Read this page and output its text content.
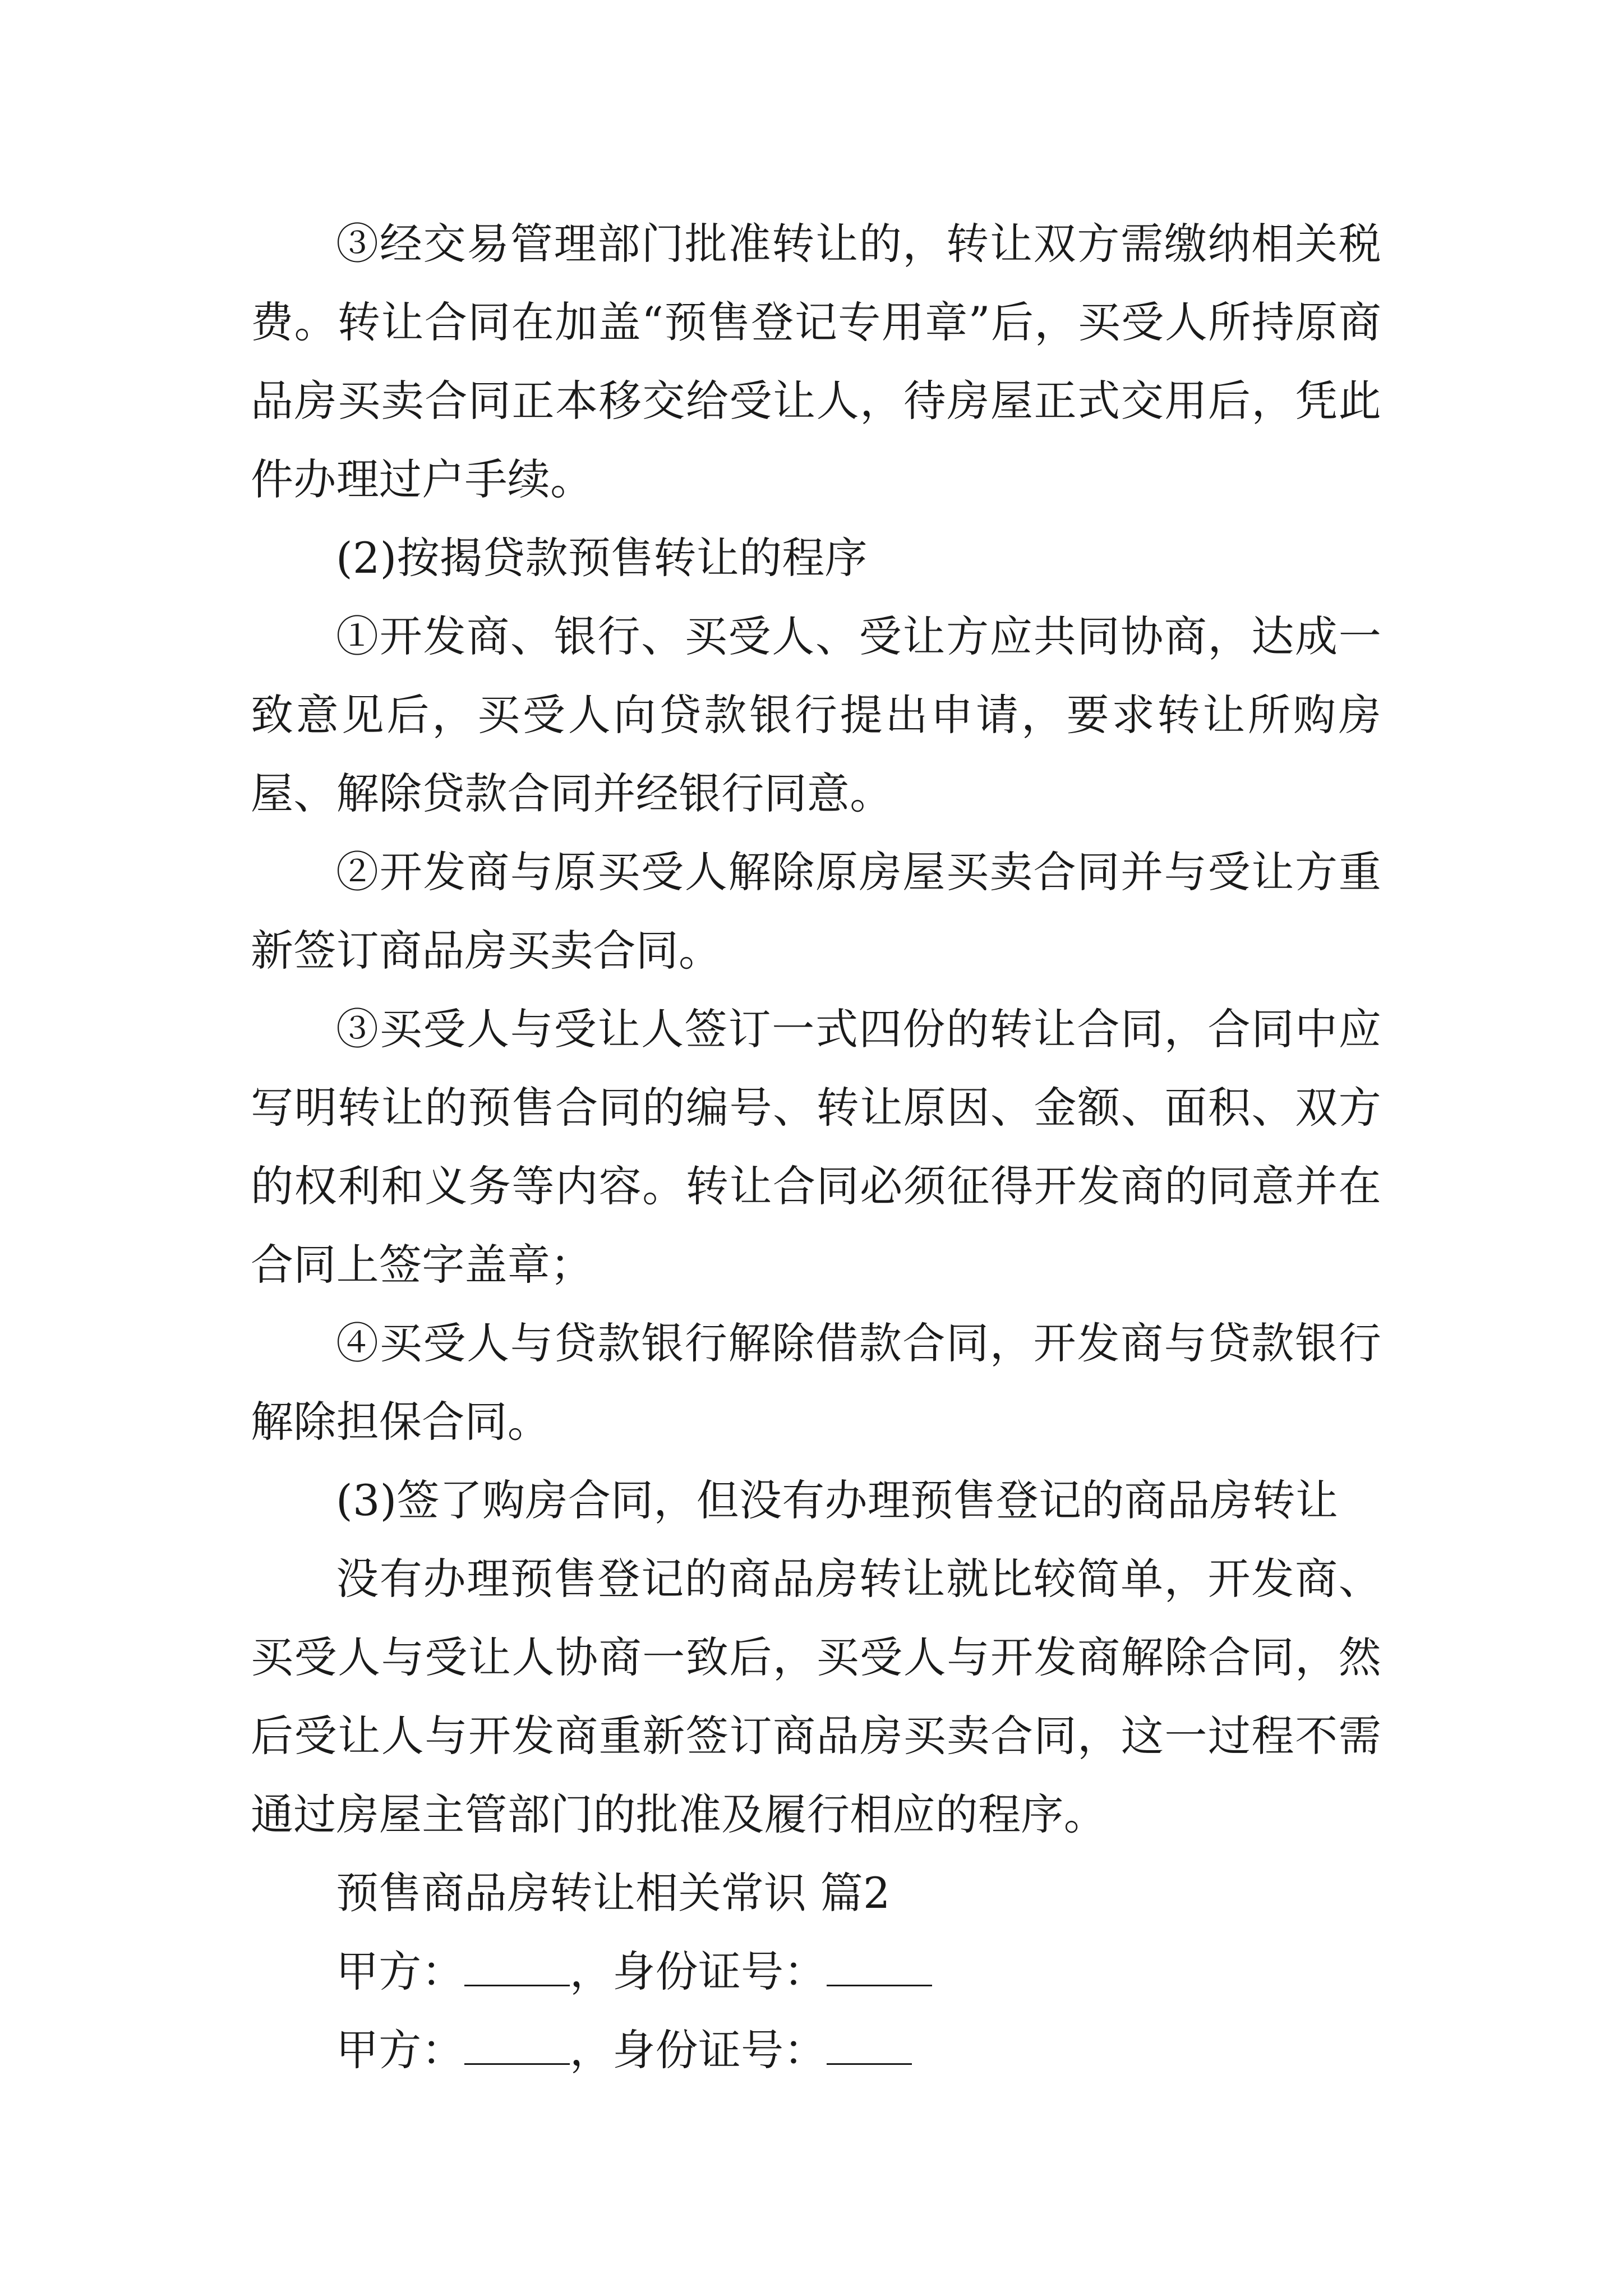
③经交易管理部门批准转让的，转让双方需缴纳相关税费。转让合同在加盖“预售登记专用章”后，买受人所持原商品房买卖合同正本移交给受让人，待房屋正式交用后，凭此件办理过户手续。

(2)按揭贷款预售转让的程序

①开发商、银行、买受人、受让方应共同协商，达成一致意见后，买受人向贷款银行提出申请，要求转让所购房屋、解除贷款合同并经银行同意。

②开发商与原买受人解除原房屋买卖合同并与受让方重新签订商品房买卖合同。

③买受人与受让人签订一式四份的转让合同，合同中应写明转让的预售合同的编号、转让原因、金额、面积、双方的权利和义务等内容。转让合同必须征得开发商的同意并在合同上签字盖章；

④买受人与贷款银行解除借款合同，开发商与贷款银行解除担保合同。

(3)签了购房合同，但没有办理预售登记的商品房转让

没有办理预售登记的商品房转让就比较简单，开发商、买受人与受让人协商一致后，买受人与开发商解除合同，然后受让人与开发商重新签订商品房买卖合同，这一过程不需通过房屋主管部门的批准及履行相应的程序。

预售商品房转让相关常识 篇2

甲方： ，身份证号：

甲方： ，身份证号：
